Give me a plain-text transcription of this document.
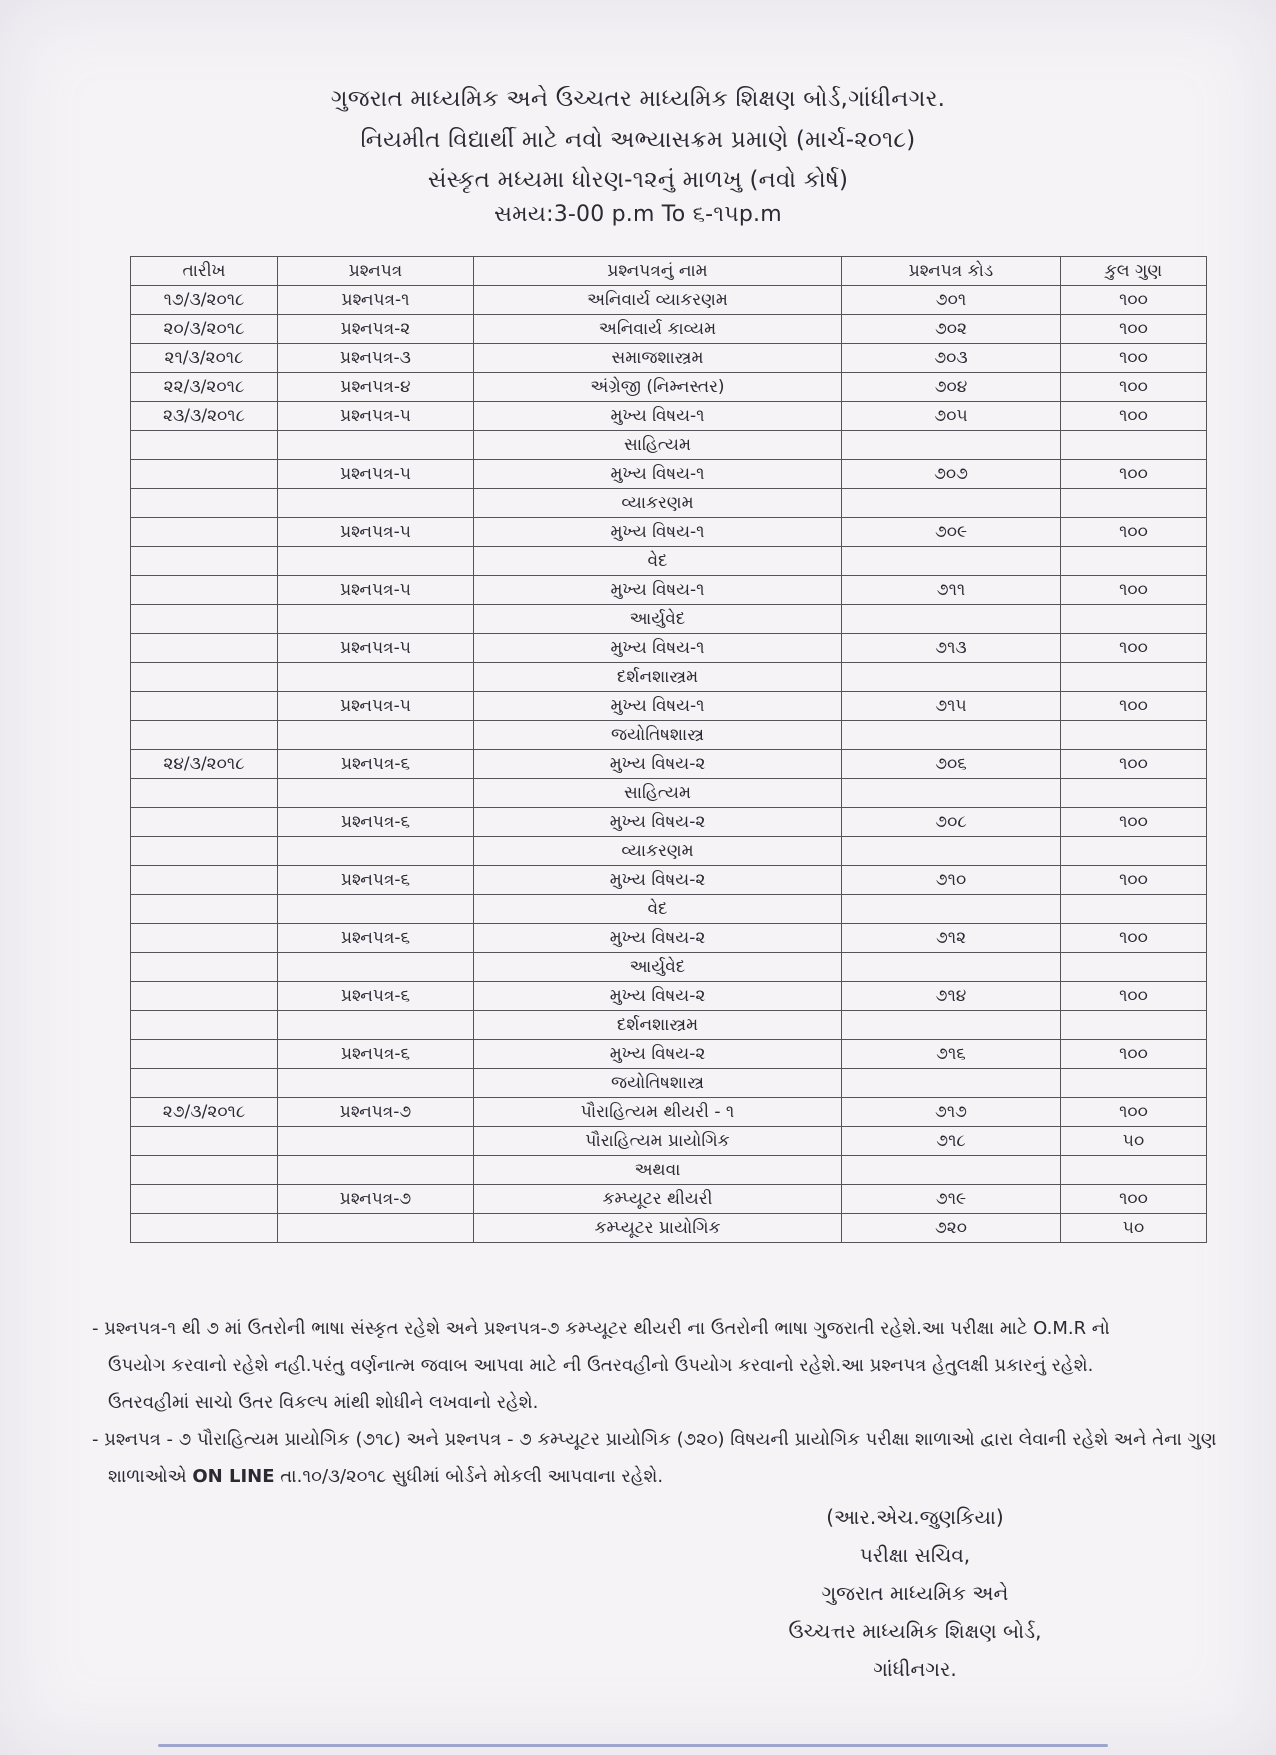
ગુજરાત માધ્યમિક અને ઉચ્ચતર માધ્યમિક શિક્ષણ બોર્ડ,ગાંધીનગર.
નિયમીત વિદ્યાર્થી માટે નવો અભ્યાસક્રમ પ્રમાણે (માર્ચ-૨૦૧૮)
સંસ્કૃત મધ્યમા ધોરણ-૧૨નું માળખુ (નવો કોર્ષ)
સમય:3-00 p.m To ૬-૧૫p.m
તારીખ	પ્રશ્નપત્ર	પ્રશ્નપત્રનું નામ	પ્રશ્નપત્ર કોડ	કુલ ગુણ
૧૭/૩/૨૦૧૮	પ્રશ્નપત્ર-૧	અનિવાર્ય વ્યાકરણમ	૭૦૧	૧૦૦
૨૦/૩/૨૦૧૮	પ્રશ્નપત્ર-૨	અનિવાર્ય કાવ્યમ	૭૦૨	૧૦૦
૨૧/૩/૨૦૧૮	પ્રશ્નપત્ર-૩	સમાજશાસ્ત્રમ	૭૦૩	૧૦૦
૨૨/૩/૨૦૧૮	પ્રશ્નપત્ર-૪	અંગ્રેજી (નિમ્નસ્તર)	૭૦૪	૧૦૦
૨૩/૩/૨૦૧૮	પ્રશ્નપત્ર-૫	મુખ્ય વિષય-૧	૭૦૫	૧૦૦
		સાહિત્યમ		
	પ્રશ્નપત્ર-૫	મુખ્ય વિષય-૧	૭૦૭	૧૦૦
		વ્યાકરણમ		
	પ્રશ્નપત્ર-૫	મુખ્ય વિષય-૧	૭૦૯	૧૦૦
		વેદ		
	પ્રશ્નપત્ર-૫	મુખ્ય વિષય-૧	૭૧૧	૧૦૦
		આર્યુવેદ		
	પ્રશ્નપત્ર-૫	મુખ્ય વિષય-૧	૭૧૩	૧૦૦
		દર્શનશાસ્ત્રમ		
	પ્રશ્નપત્ર-૫	મુખ્ય વિષય-૧	૭૧૫	૧૦૦
		જયોતિષશાસ્ત્ર		
૨૪/૩/૨૦૧૮	પ્રશ્નપત્ર-૬	મુખ્ય વિષય-૨	૭૦૬	૧૦૦
		સાહિત્યમ		
	પ્રશ્નપત્ર-૬	મુખ્ય વિષય-૨	૭૦૮	૧૦૦
		વ્યાકરણમ		
	પ્રશ્નપત્ર-૬	મુખ્ય વિષય-૨	૭૧૦	૧૦૦
		વેદ		
	પ્રશ્નપત્ર-૬	મુખ્ય વિષય-૨	૭૧૨	૧૦૦
		આર્યુવેદ		
	પ્રશ્નપત્ર-૬	મુખ્ય વિષય-૨	૭૧૪	૧૦૦
		દર્શનશાસ્ત્રમ		
	પ્રશ્નપત્ર-૬	મુખ્ય વિષય-૨	૭૧૬	૧૦૦
		જયોતિષશાસ્ત્ર		
૨૭/૩/૨૦૧૮	પ્રશ્નપત્ર-૭	પૌરાહિત્યમ થીયરી - ૧	૭૧૭	૧૦૦
		પૌરાહિત્યમ પ્રાયોગિક	૭૧૮	૫૦
		અથવા		
	પ્રશ્નપત્ર-૭	કમ્પ્યૂટર થીયરી	૭૧૯	૧૦૦
		કમ્પ્યૂટર પ્રાયોગિક	૭૨૦	૫૦
- પ્રશ્નપત્ર-૧ થી ૭ માં ઉતરોની ભાષા સંસ્કૃત રહેશે અને પ્રશ્નપત્ર-૭ કમ્પ્યૂટર થીયરી ના ઉતરોની ભાષા ગુજરાતી રહેશે.આ પરીક્ષા માટે O.M.R નો
ઉપયોગ કરવાનો રહેશે નહી.પરંતુ વર્ણનાત્મ જવાબ આપવા માટે ની ઉતરવહીનો ઉપયોગ કરવાનો રહેશે.આ પ્રશ્નપત્ર હેતુલક્ષી પ્રકારનું રહેશે.
ઉતરવહીમાં સાચો ઉતર વિકલ્પ માંથી શોધીને લખવાનો રહેશે.
- પ્રશ્નપત્ર - ૭ પૌરાહિત્યમ પ્રાયોગિક (૭૧૮) અને પ્રશ્નપત્ર - ૭ કમ્પ્યૂટર પ્રાયોગિક (૭૨૦) વિષયની પ્રાયોગિક પરીક્ષા શાળાઓ દ્વારા લેવાની રહેશે અને તેના ગુણ
શાળાઓએ ON LINE તા.૧૦/૩/૨૦૧૮ સુધીમાં બોર્ડને મોકલી આપવાના રહેશે.
(આર.એચ.જુણકિયા)
પરીક્ષા સચિવ,
ગુજરાત માધ્યમિક અને
ઉચ્ચત્તર માધ્યમિક શિક્ષણ બોર્ડ,
ગાંધીનગર.
